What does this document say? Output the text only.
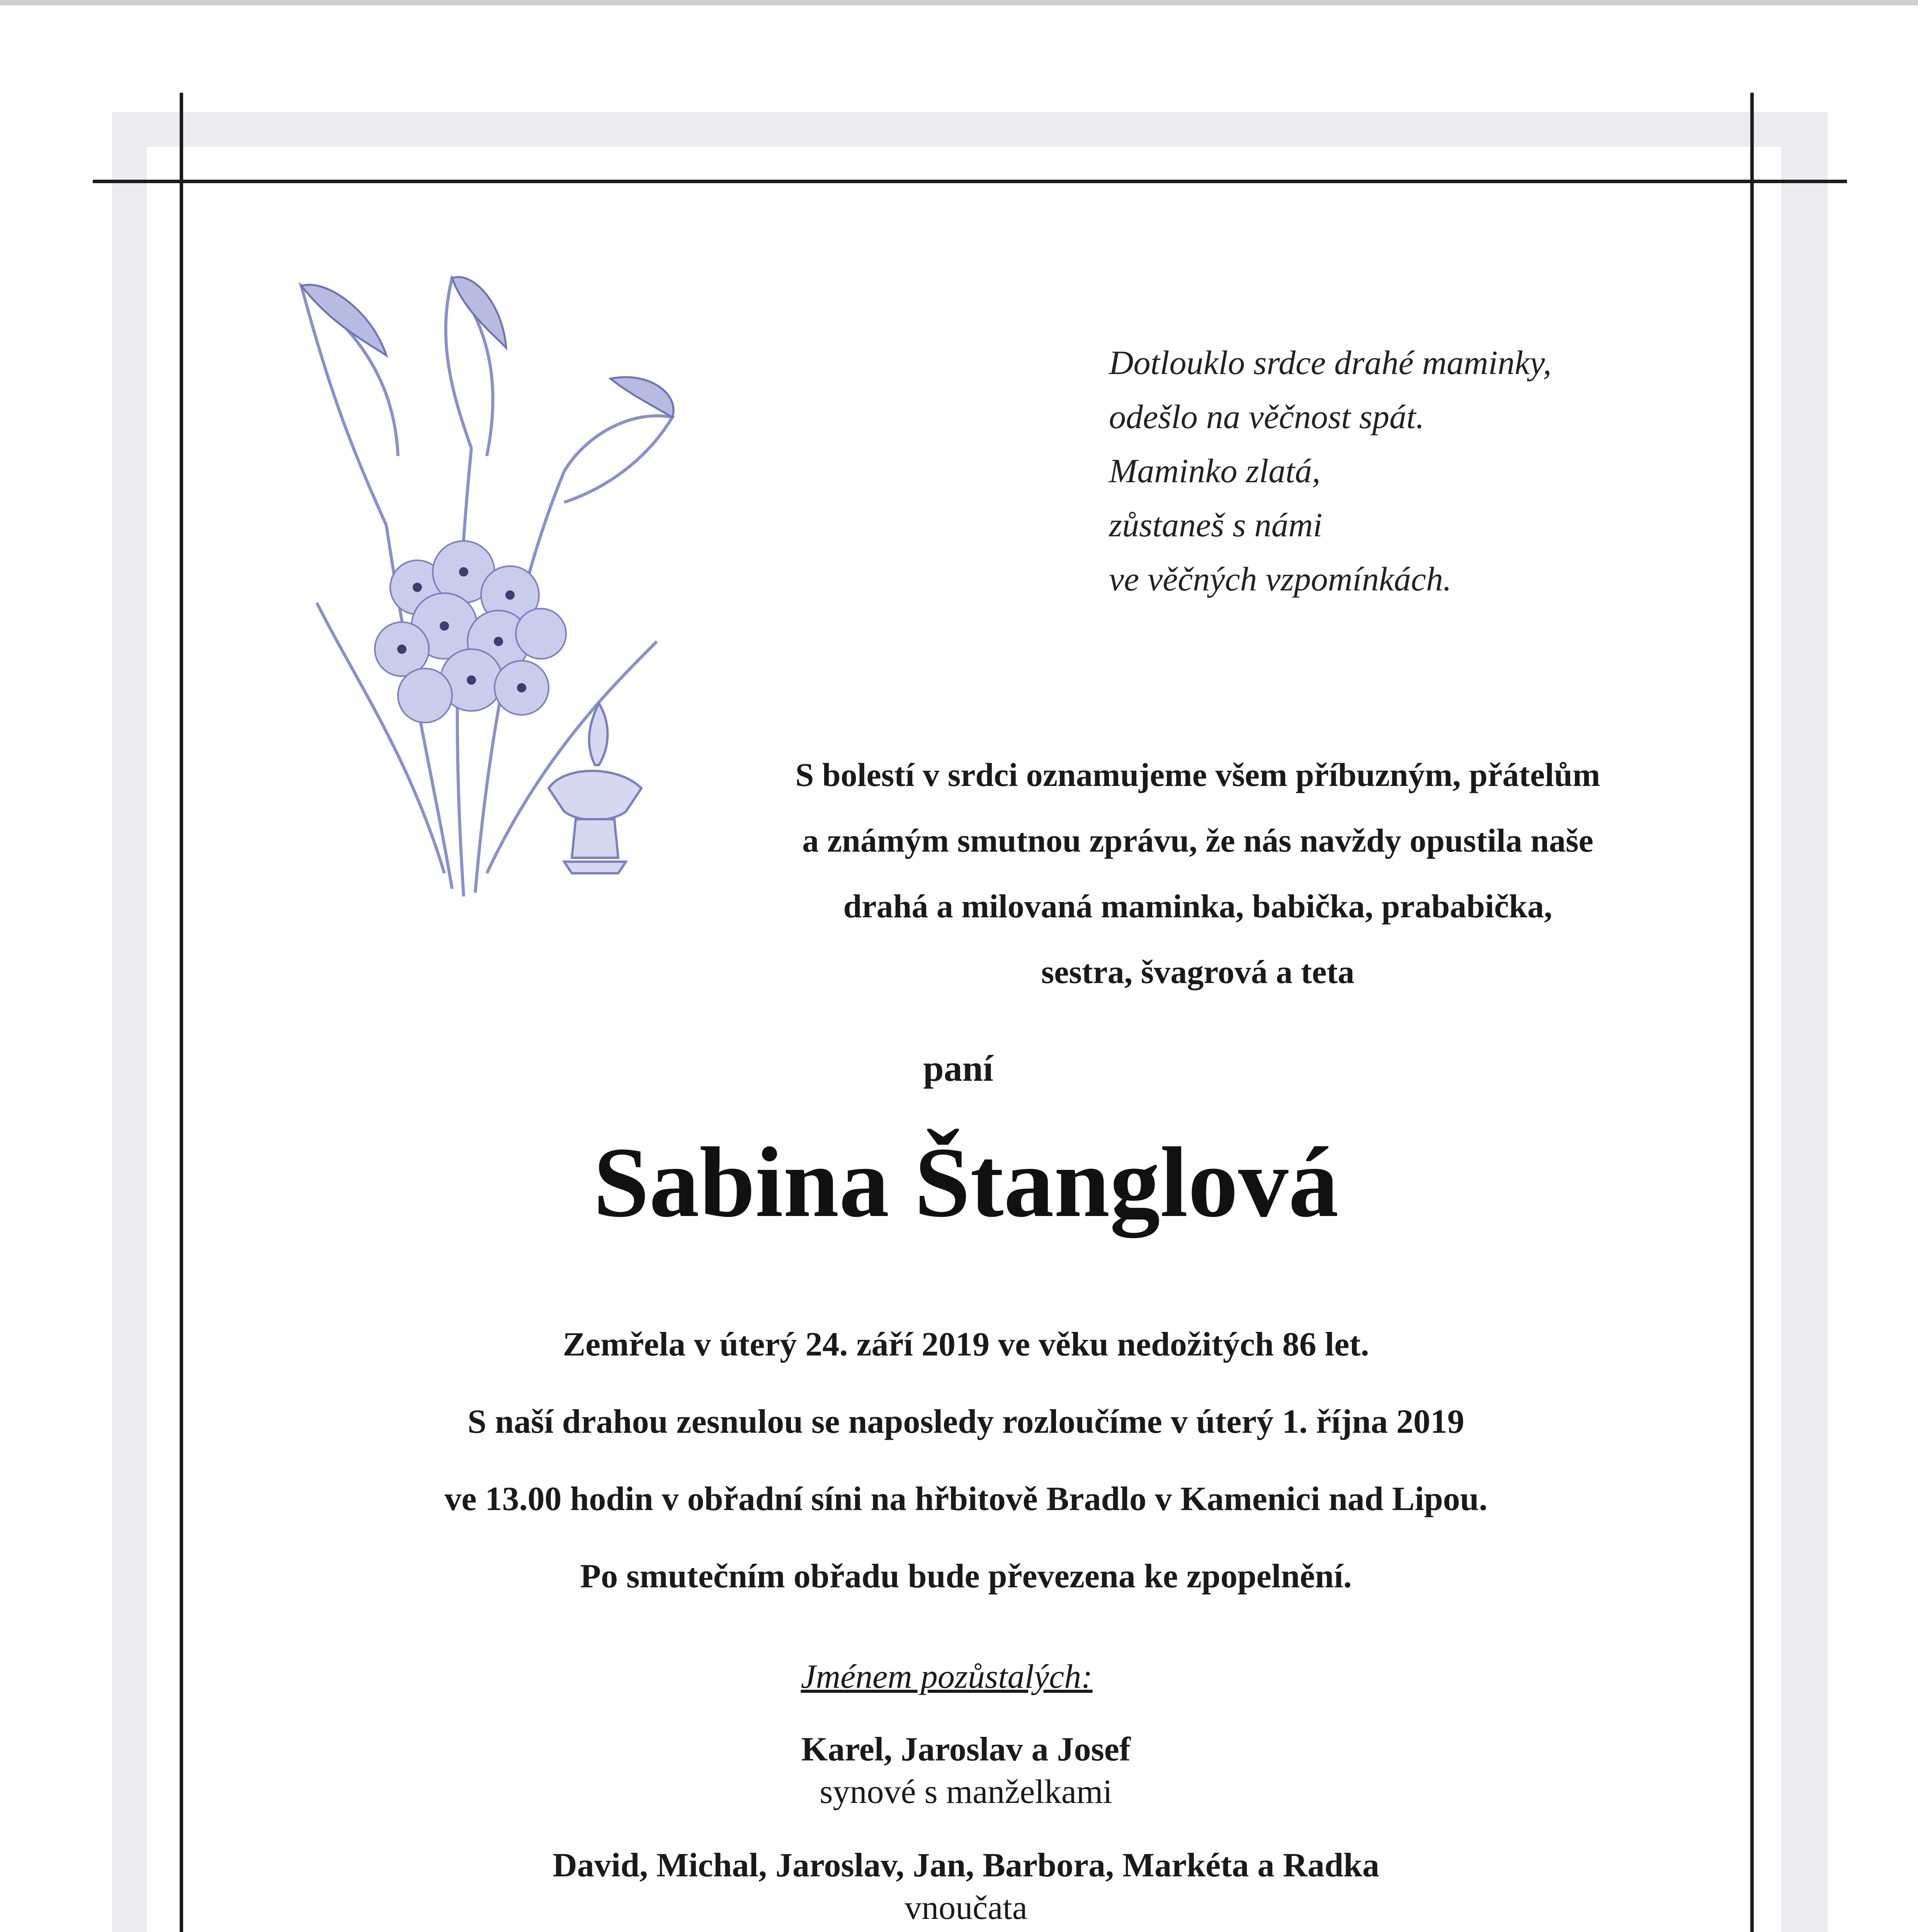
Dotlouklo srdce drahé maminky,
odešlo na věčnost spát.
Maminko zlatá,
zůstaneš s námi
ve věčných vzpomínkách.
S bolestí v srdci oznamujeme všem příbuzným, přátelům
a známým smutnou zprávu, že nás navždy opustila naše
drahá a milovaná maminka, babička, prababička,
sestra, švagrová a teta
paní
Sabina Štanglová
Zemřela v úterý 24. září 2019 ve věku nedožitých 86 let.
S naší drahou zesnulou se naposledy rozloučíme v úterý 1. října 2019
ve 13.00 hodin v obřadní síni na hřbitově Bradlo v Kamenici nad Lipou.
Po smutečním obřadu bude převezena ke zpopelnění.
Jménem pozůstalých:
Karel, Jaroslav a Josef
synové s manželkami
David, Michal, Jaroslav, Jan, Barbora, Markéta a Radka
vnoučata
